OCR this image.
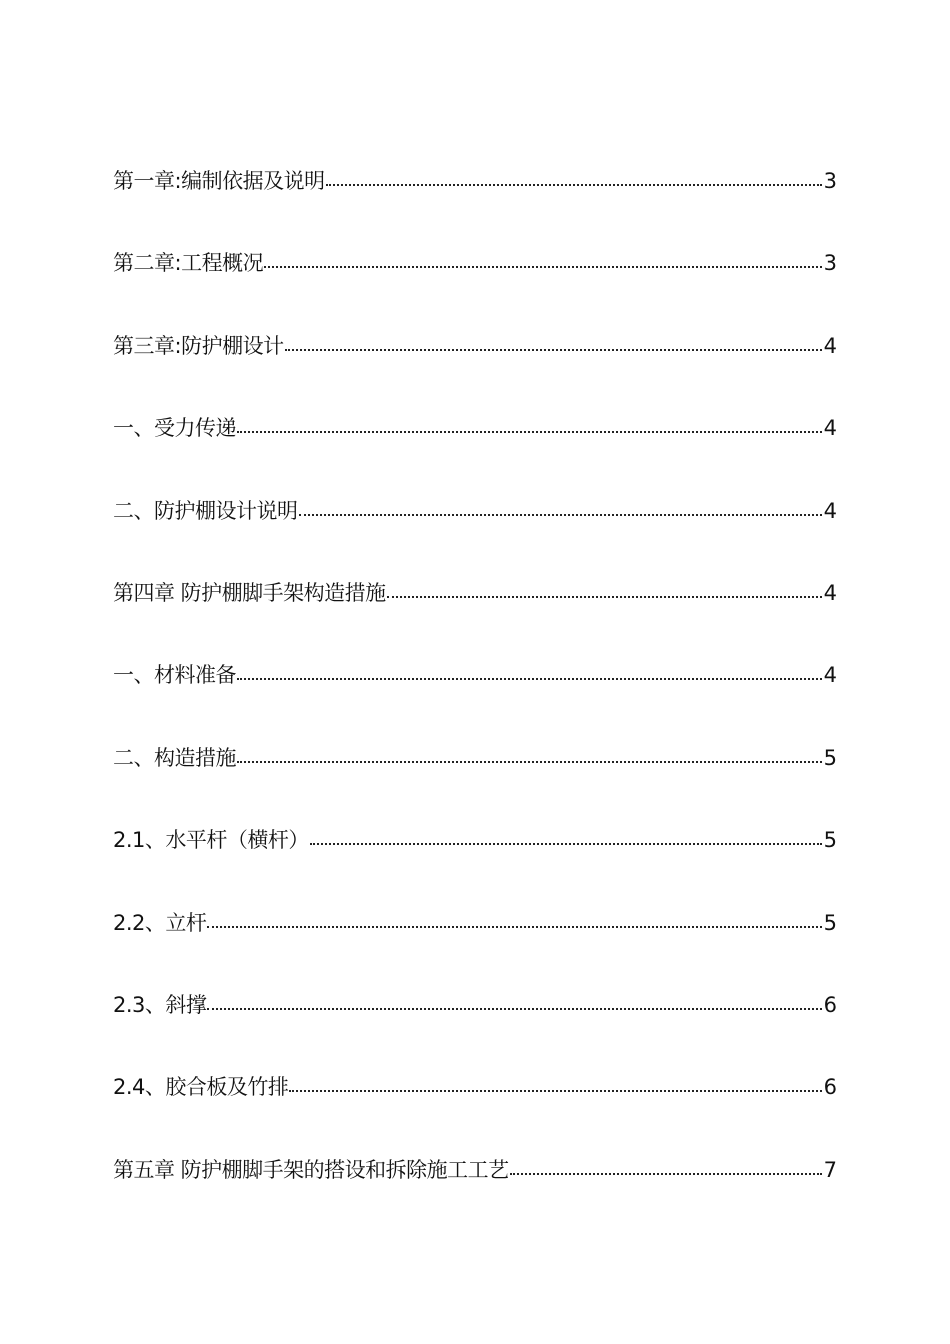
第一章:编制依据及说明	3
第二章:工程概况	3
第三章:防护棚设计	4
一、受力传递	4
二、防护棚设计说明	4
第四章 防护棚脚手架构造措施	4
一、材料准备	4
二、构造措施	5
2.1、水平杆（横杆）	5
2.2、立杆	5
2.3、斜撑	6
2.4、胶合板及竹排	6
第五章 防护棚脚手架的搭设和拆除施工工艺	7
